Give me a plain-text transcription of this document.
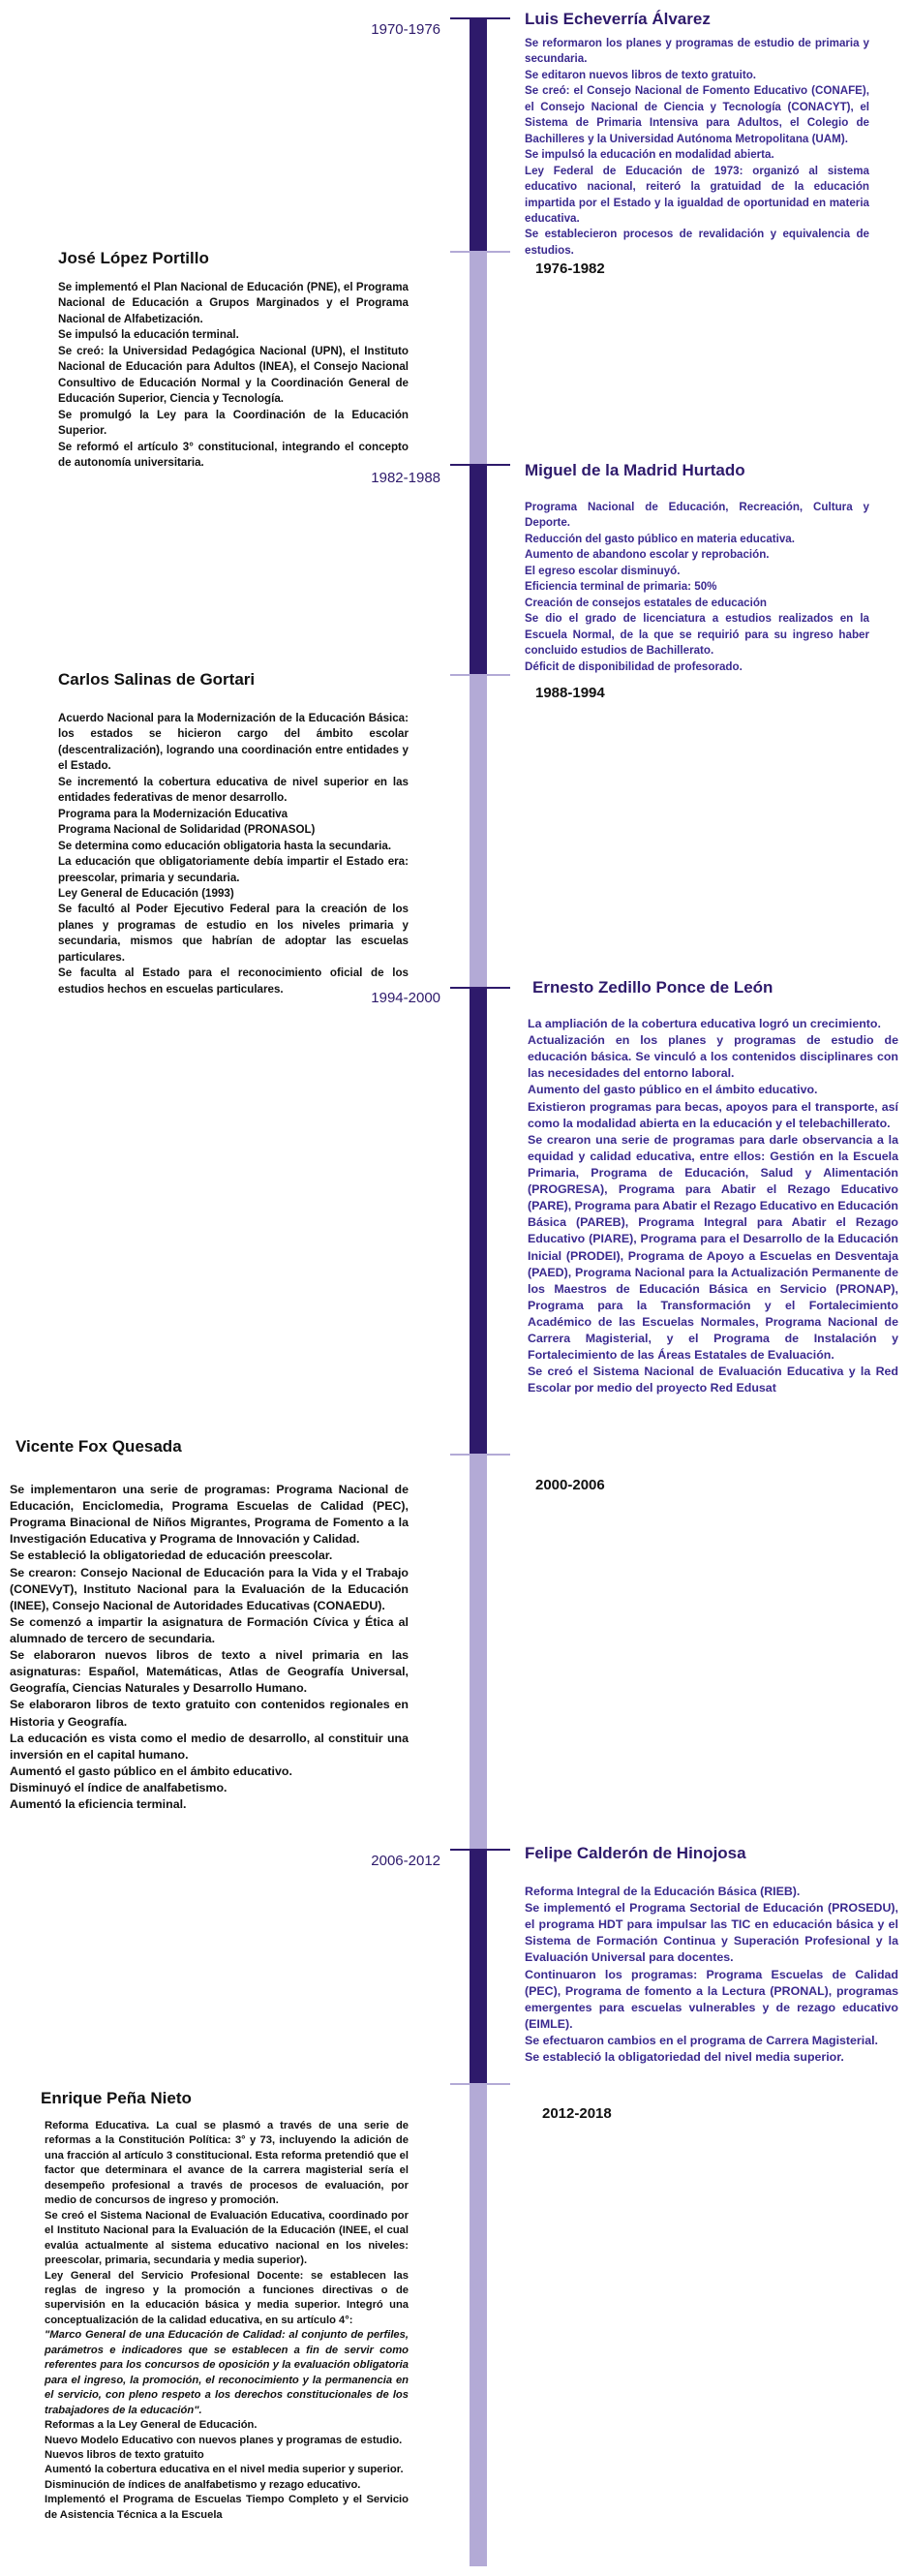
1970-1976
Luis Echeverría Álvarez

Se reformaron los planes y programas de estudio de primaria y secundaria.

Se editaron nuevos libros de texto gratuito.

Se creó: el Consejo Nacional de Fomento Educativo (CONAFE), el Consejo Nacional de Ciencia y Tecnología (CONACYT), el Sistema de Primaria Intensiva para Adultos, el Colegio de Bachilleres y la Universidad Autónoma Metropolitana (UAM).

Se impulsó la educación en modalidad abierta.

Ley Federal de Educación de 1973: organizó al sistema educativo nacional, reiteró la gratuidad de la educación impartida por el Estado y la igualdad de oportunidad en materia educativa.

Se establecieron procesos de revalidación y equivalencia de estudios.

José López Portillo
1976-1982

Se implementó el Plan Nacional de Educación (PNE), el Programa Nacional de Educación a Grupos Marginados y el Programa Nacional de Alfabetización.

Se impulsó la educación terminal.

Se creó: la Universidad Pedagógica Nacional (UPN), el Instituto Nacional de Educación para Adultos (INEA), el Consejo Nacional Consultivo de Educación Normal y la Coordinación General de Educación Superior, Ciencia y Tecnología.

Se promulgó la Ley para la Coordinación de la Educación Superior.

Se reformó el artículo 3° constitucional, integrando el concepto de autonomía universitaria.

1982-1988	Miguel de la Madrid Hurtado

Programa Nacional de Educación, Recreación, Cultura y Deporte.

Reducción del gasto público en materia educativa.

Aumento de abandono escolar y reprobación.

El egreso escolar disminuyó.

Eficiencia terminal de primaria: 50%

Creación de consejos estatales de educación

Se dio el grado de licenciatura a estudios realizados en la Escuela Normal, de la que se requirió para su ingreso haber concluido estudios de Bachillerato.

Déficit de disponibilidad de profesorado.

Carlos Salinas de Gortari
1988-1994

Acuerdo Nacional para la Modernización de la Educación Básica: los estados se hicieron cargo del ámbito escolar (descentralización), logrando una coordinación entre entidades y el Estado.

Se incrementó la cobertura educativa de nivel superior en las entidades federativas de menor desarrollo.

Programa para la Modernización Educativa

Programa Nacional de Solidaridad (PRONASOL)

Se determina como educación obligatoria hasta la secundaria.

La educación que obligatoriamente debía impartir el Estado era: preescolar, primaria y secundaria.

Ley General de Educación (1993)

Se facultó al Poder Ejecutivo Federal para la creación de los planes y programas de estudio en los niveles primaria y secundaria, mismos que habrían de adoptar las escuelas particulares.

Se faculta al Estado para el reconocimiento oficial de los estudios hechos en escuelas particulares.

1994-2000
Ernesto Zedillo Ponce de León

La ampliación de la cobertura educativa logró un crecimiento.

Actualización en los planes y programas de estudio de educación básica. Se vinculó a los contenidos disciplinares con las necesidades del entorno laboral.

Aumento del gasto público en el ámbito educativo.

Existieron programas para becas, apoyos para el transporte, así como la modalidad abierta en la educación y el telebachillerato.

Se crearon una serie de programas para darle observancia a la equidad y calidad educativa, entre ellos: Gestión en la Escuela Primaria, Programa de Educación, Salud y Alimentación (PROGRESA), Programa para Abatir el Rezago Educativo (PARE), Programa para Abatir el Rezago Educativo en Educación Básica (PAREB), Programa Integral para Abatir el Rezago Educativo (PIARE), Programa para el Desarrollo de la Educación Inicial (PRODEI), Programa de Apoyo a Escuelas en Desventaja (PAED), Programa Nacional para la Actualización Permanente de los Maestros de Educación Básica en Servicio (PRONAP), Programa para la Transformación y el Fortalecimiento Académico de las Escuelas Normales, Programa Nacional de Carrera Magisterial, y el Programa de Instalación y Fortalecimiento de las Áreas Estatales de Evaluación.

Se creó el Sistema Nacional de Evaluación Educativa y la Red Escolar por medio del proyecto Red Edusat

Vicente Fox Quesada
2000-2006

Se implementaron una serie de programas: Programa Nacional de Educación, Enciclomedia, Programa Escuelas de Calidad (PEC), Programa Binacional de Niños Migrantes, Programa de Fomento a la Investigación Educativa y Programa de Innovación y Calidad.

Se estableció la obligatoriedad de educación preescolar.

Se crearon: Consejo Nacional de Educación para la Vida y el Trabajo (CONEVyT), Instituto Nacional para la Evaluación de la Educación (INEE), Consejo Nacional de Autoridades Educativas (CONAEDU).

Se comenzó a impartir la asignatura de Formación Cívica y Ética al alumnado de tercero de secundaria.

Se elaboraron nuevos libros de texto a nivel primaria en las asignaturas: Español, Matemáticas, Atlas de Geografía Universal, Geografía, Ciencias Naturales y Desarrollo Humano.

Se elaboraron libros de texto gratuito con contenidos regionales en Historia y Geografía.

La educación es vista como el medio de desarrollo, al constituir una inversión en el capital humano.

Aumentó el gasto público en el ámbito educativo.

Disminuyó el índice de analfabetismo.

Aumentó la eficiencia terminal.

2006-2012	Felipe Calderón de Hinojosa

Reforma Integral de la Educación Básica (RIEB).

Se implementó el Programa Sectorial de Educación (PROSEDU), el programa HDT para impulsar las TIC en educación básica y el Sistema de Formación Continua y Superación Profesional y la Evaluación Universal para docentes.

Continuaron los programas: Programa Escuelas de Calidad (PEC), Programa de fomento a la Lectura (PRONAL), programas emergentes para escuelas vulnerables y de rezago educativo (EIMLE).

Se efectuaron cambios en el programa de Carrera Magisterial.

Se estableció la obligatoriedad del nivel media superior.

Enrique Peña Nieto
2012-2018

Reforma Educativa. La cual se plasmó a través de una serie de reformas a la Constitución Política: 3° y 73, incluyendo la adición de una fracción al artículo 3 constitucional. Esta reforma pretendió que el factor que determinara el avance de la carrera magisterial sería el desempeño profesional a través de procesos de evaluación, por medio de concursos de ingreso y promoción.

Se creó el Sistema Nacional de Evaluación Educativa, coordinado por el Instituto Nacional para la Evaluación de la Educación (INEE, el cual evalúa actualmente al sistema educativo nacional en los niveles: preescolar, primaria, secundaria y media superior).

Ley General del Servicio Profesional Docente: se establecen las reglas de ingreso y la promoción a funciones directivas o de supervisión en la educación básica y media superior. Integró una conceptualización de la calidad educativa, en su artículo 4°:

"Marco General de una Educación de Calidad: al conjunto de perfiles, parámetros e indicadores que se establecen a fin de servir como referentes para los concursos de oposición y la evaluación obligatoria para el ingreso, la promoción, el reconocimiento y la permanencia en el servicio, con pleno respeto a los derechos constitucionales de los trabajadores de la educación".

Reformas a la Ley General de Educación.

Nuevo Modelo Educativo con nuevos planes y programas de estudio.

Nuevos libros de texto gratuito

Aumentó la cobertura educativa en el nivel media superior y superior.

Disminución de índices de analfabetismo y rezago educativo.

Implementó el Programa de Escuelas Tiempo Completo y el Servicio de Asistencia Técnica a la Escuela
